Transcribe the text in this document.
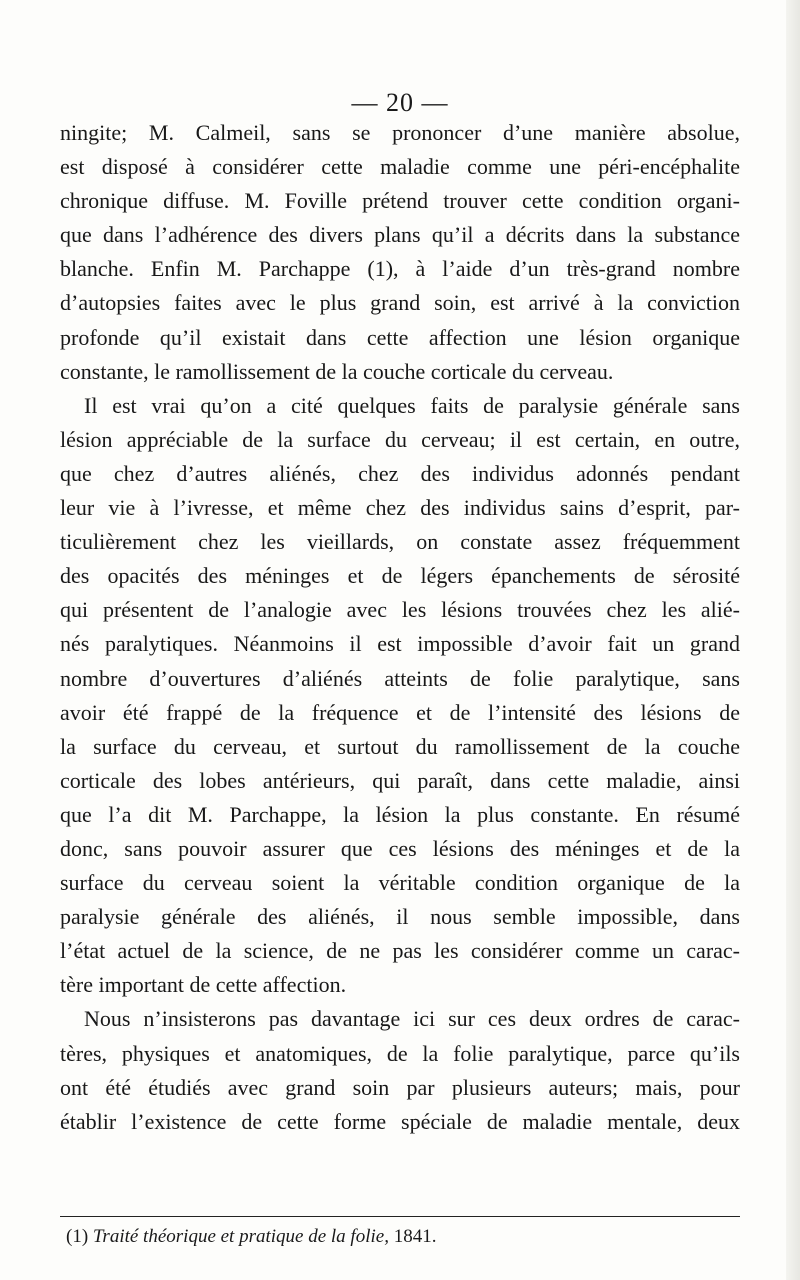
— 20 —
ningite; M. Calmeil, sans se prononcer d’une manière absolue,
est disposé à considérer cette maladie comme une péri-encéphalite
chronique diffuse. M. Foville prétend trouver cette condition organi-
que dans l’adhérence des divers plans qu’il a décrits dans la substance
blanche. Enfin M. Parchappe (1), à l’aide d’un très-grand nombre
d’autopsies faites avec le plus grand soin, est arrivé à la conviction
profonde qu’il existait dans cette affection une lésion organique
constante, le ramollissement de la couche corticale du cerveau.
Il est vrai qu’on a cité quelques faits de paralysie générale sans
lésion appréciable de la surface du cerveau; il est certain, en outre,
que chez d’autres aliénés, chez des individus adonnés pendant
leur vie à l’ivresse, et même chez des individus sains d’esprit, par-
ticulièrement chez les vieillards, on constate assez fréquemment
des opacités des méninges et de légers épanchements de sérosité
qui présentent de l’analogie avec les lésions trouvées chez les alié-
nés paralytiques. Néanmoins il est impossible d’avoir fait un grand
nombre d’ouvertures d’aliénés atteints de folie paralytique, sans
avoir été frappé de la fréquence et de l’intensité des lésions de
la surface du cerveau, et surtout du ramollissement de la couche
corticale des lobes antérieurs, qui paraît, dans cette maladie, ainsi
que l’a dit M. Parchappe, la lésion la plus constante. En résumé
donc, sans pouvoir assurer que ces lésions des méninges et de la
surface du cerveau soient la véritable condition organique de la
paralysie générale des aliénés, il nous semble impossible, dans
l’état actuel de la science, de ne pas les considérer comme un carac-
tère important de cette affection.
Nous n’insisterons pas davantage ici sur ces deux ordres de carac-
tères, physiques et anatomiques, de la folie paralytique, parce qu’ils
ont été étudiés avec grand soin par plusieurs auteurs; mais, pour
établir l’existence de cette forme spéciale de maladie mentale, deux
(1) Traité théorique et pratique de la folie, 1841.
